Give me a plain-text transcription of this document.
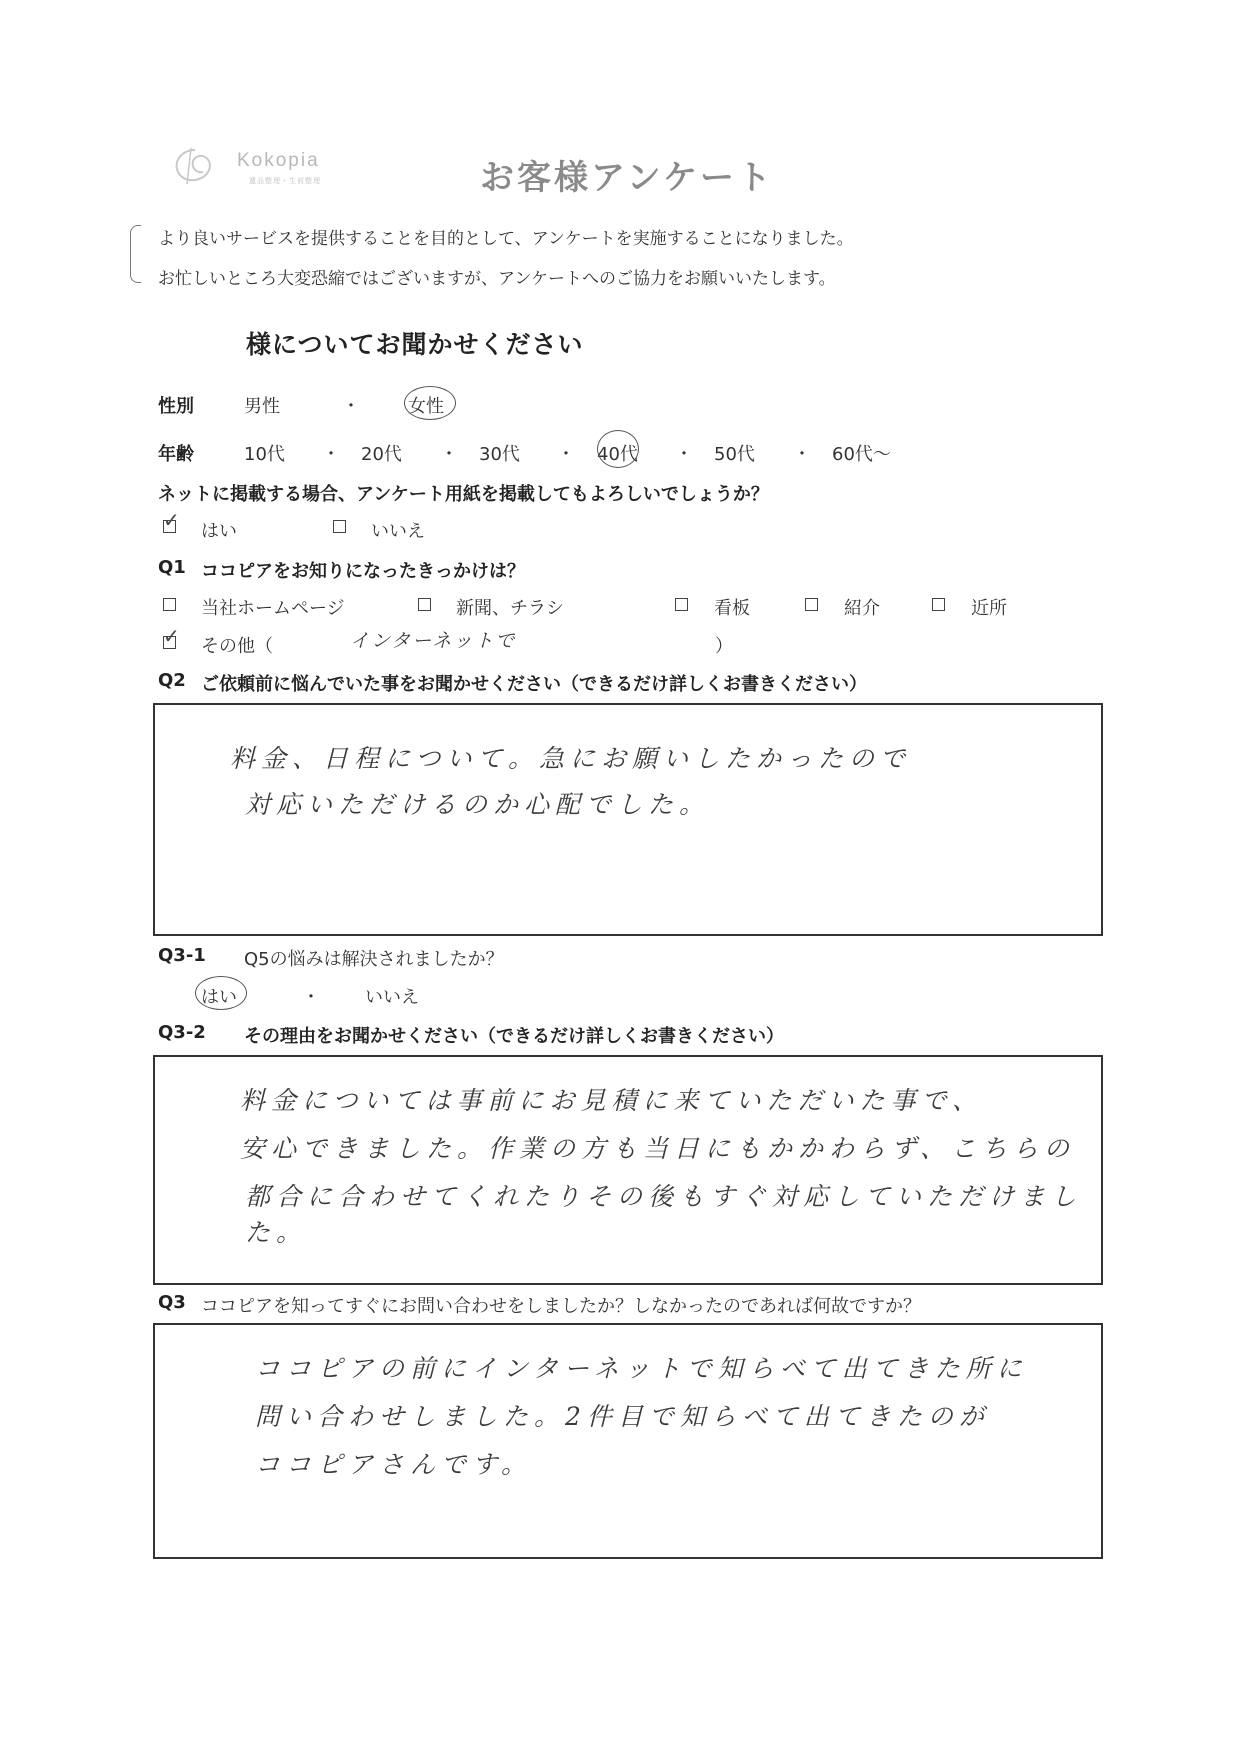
Kokopia
遺品整理・生前整理	お客様アンケート
より良いサービスを提供することを目的として、アンケートを実施することになりました。
お忙しいところ大変恐縮ではございますが、アンケートへのご協力をお願いいたします。
様についてお聞かせください
性別	男性	・	女性
年齢	10代 ・ 20代 ・ 30代 ・ 40代 ・ 50代 ・ 60代〜
ネットに掲載する場合、アンケート用紙を掲載してもよろしいでしょうか？
✓ はい	いいえ
Q1 ココピアをお知りになったきっかけは？
当社ホームページ	新聞、チラシ	看板	紹介	近所
✓ その他（	インターネットで	）
Q2 ご依頼前に悩んでいた事をお聞かせください（できるだけ詳しくお書きください）
料金、日程について。急にお願いしたかったので
対応いただけるのか心配でした。
Q3-1 Q5の悩みは解決されましたか？
はい	・	いいえ
Q3-2 その理由をお聞かせください（できるだけ詳しくお書きください）
料金については事前にお見積に来ていただいた事で、
安心できました。作業の方も当日にもかかわらず、こちらの
都合に合わせてくれたりその後もすぐ対応していただけました。
Q3 ココピアを知ってすぐにお問い合わせをしましたか？しなかったのであれば何故ですか？
ココピアの前にインターネットで知らべて出てきた所に
問い合わせしました。2件目で知らべて出てきたのが
ココピアさんです。
